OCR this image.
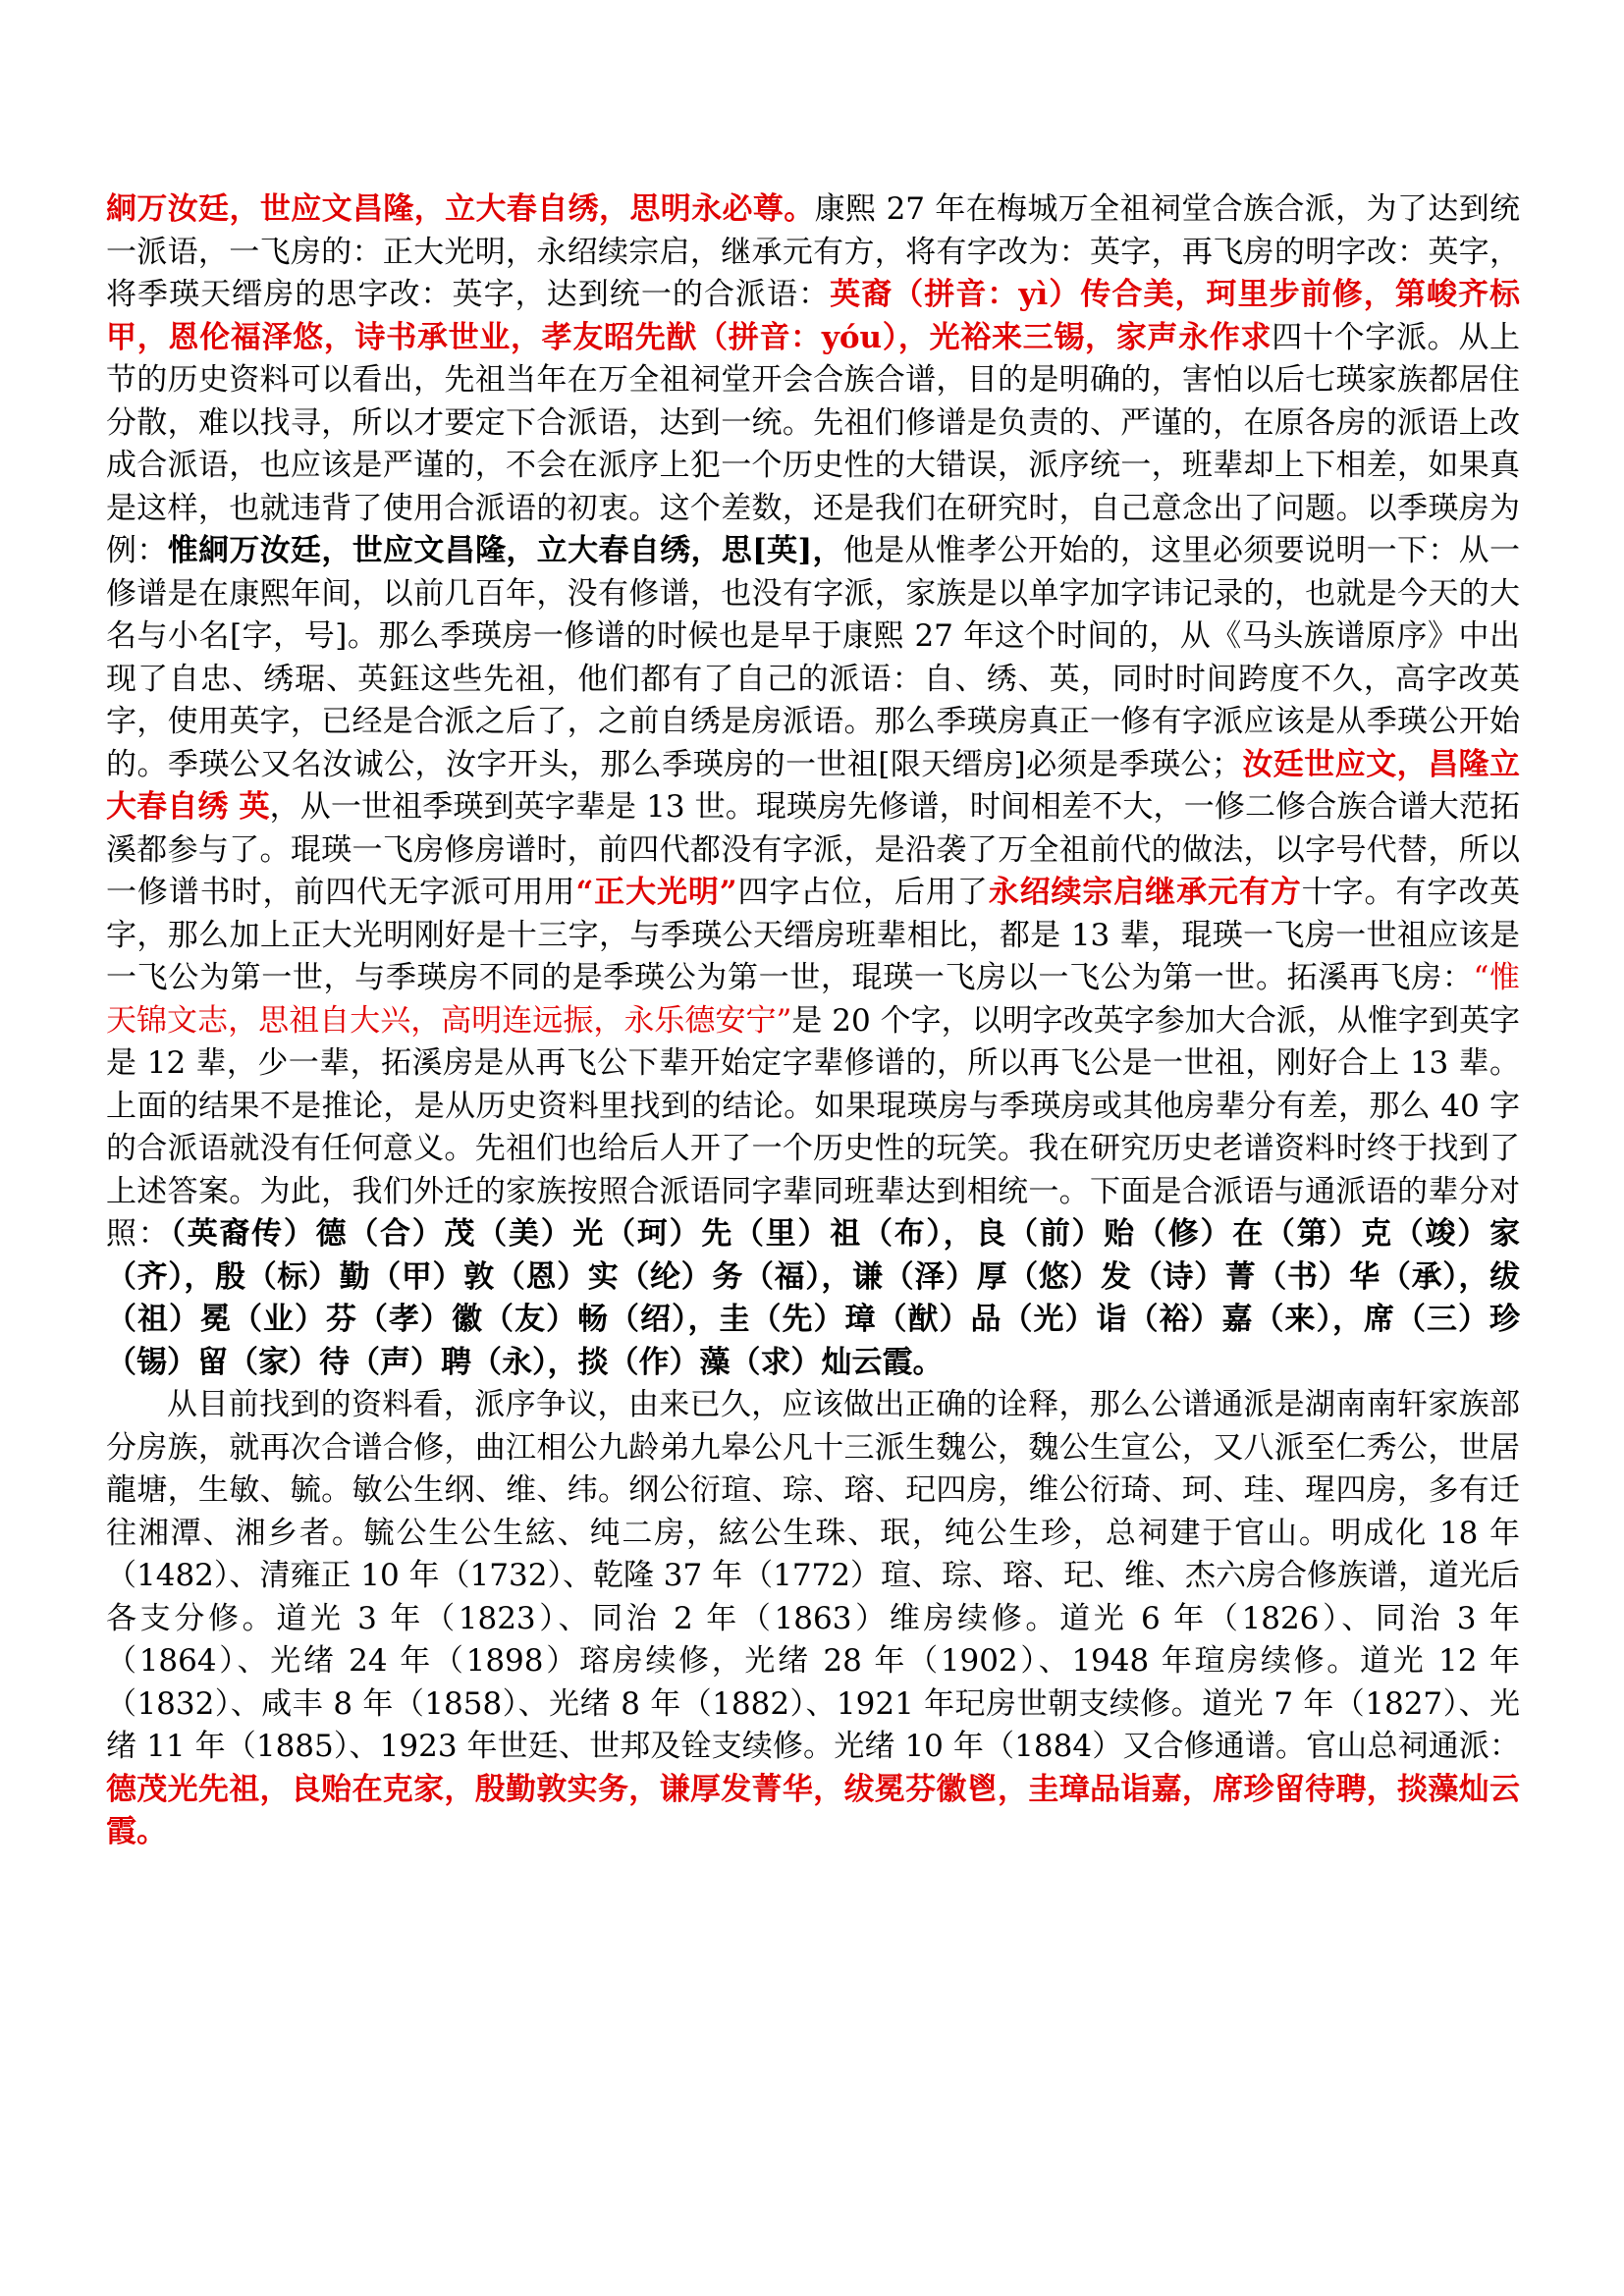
絅万汝廷，世应文昌隆，立大春自绣，思明永必尊。康熙 27 年在梅城万全祖祠堂合族合派，为了达到统一派语，一飞房的：正大光明，永绍续宗启，继承元有方，将有字改为：英字，再飞房的明字改：英字，将季瑛天缙房的思字改：英字，达到统一的合派语：英裔（拼音：yì）传合美，珂里步前修，第峻齐标甲，恩伦福泽悠，诗书承世业，孝友昭先猷（拼音：yóu），光裕来三锡，家声永作求四十个字派。从上节的历史资料可以看出，先祖当年在万全祖祠堂开会合族合谱，目的是明确的，害怕以后七瑛家族都居住分散，难以找寻，所以才要定下合派语，达到一统。先祖们修谱是负责的、严谨的，在原各房的派语上改成合派语，也应该是严谨的，不会在派序上犯一个历史性的大错误，派序统一，班辈却上下相差，如果真是这样，也就违背了使用合派语的初衷。这个差数，还是我们在研究时，自己意念出了问题。以季瑛房为例：惟絅万汝廷，世应文昌隆，立大春自绣，思[英]，他是从惟孝公开始的，这里必须要说明一下：从一修谱是在康熙年间，以前几百年，没有修谱，也没有字派，家族是以单字加字讳记录的，也就是今天的大名与小名[字，号]。那么季瑛房一修谱的时候也是早于康熙 27 年这个时间的，从《马头族谱原序》中出现了自忠、绣琚、英鈺这些先祖，他们都有了自己的派语：自、绣、英，同时时间跨度不久，高字改英字，使用英字，已经是合派之后了，之前自绣是房派语。那么季瑛房真正一修有字派应该是从季瑛公开始的。季瑛公又名汝诚公，汝字开头，那么季瑛房的一世祖[限天缙房]必须是季瑛公；汝廷世应文，昌隆立大春自绣 英，从一世祖季瑛到英字辈是 13 世。琨瑛房先修谱，时间相差不大，一修二修合族合谱大范拓溪都参与了。琨瑛一飞房修房谱时，前四代都没有字派，是沿袭了万全祖前代的做法，以字号代替，所以一修谱书时，前四代无字派可用用“正大光明”四字占位，后用了永绍续宗启继承元有方十字。有字改英字，那么加上正大光明刚好是十三字，与季瑛公天缙房班辈相比，都是 13 辈，琨瑛一飞房一世祖应该是一飞公为第一世，与季瑛房不同的是季瑛公为第一世，琨瑛一飞房以一飞公为第一世。拓溪再飞房：“惟天锦文志，思祖自大兴，高明连远振，永乐德安宁”是 20 个字，以明字改英字参加大合派，从惟字到英字是 12 辈，少一辈，拓溪房是从再飞公下辈开始定字辈修谱的，所以再飞公是一世祖，刚好合上 13 辈。上面的结果不是推论，是从历史资料里找到的结论。如果琨瑛房与季瑛房或其他房辈分有差，那么 40 字的合派语就没有任何意义。先祖们也给后人开了一个历史性的玩笑。我在研究历史老谱资料时终于找到了上述答案。为此，我们外迁的家族按照合派语同字辈同班辈达到相统一。下面是合派语与通派语的辈分对照：（英裔传）德（合）茂（美）光（珂）先（里）祖（布），良（前）贻（修）在（第）克（竣）家（齐），殷（标）勤（甲）敦（恩）实（纶）务（福），谦（泽）厚（悠）发（诗）菁（书）华（承），绂（祖）冕（业）芬（孝）徽（友）畅（绍），圭（先）璋（猷）品（光）诣（裕）嘉（来），席（三）珍（锡）留（家）待（声）聘（永），掞（作）藻（求）灿云霞。

从目前找到的资料看，派序争议，由来已久，应该做出正确的诠释，那么公谱通派是湖南南轩家族部分房族，就再次合谱合修，曲江相公九龄弟九皋公凡十三派生魏公，魏公生宣公，又八派至仁秀公，世居龍塘，生敏、毓。敏公生纲、维、纬。纲公衍瑄、琮、瑢、玘四房，维公衍琦、珂、珪、瑆四房，多有迁往湘潭、湘乡者。毓公生公生絃、纯二房，絃公生珠、珉，纯公生珍，总祠建于官山。明成化 18 年（1482）、清雍正 10 年（1732）、乾隆 37 年（1772）瑄、琮、瑢、玘、维、杰六房合修族谱，道光后各支分修。道光 3 年（1823）、同治 2 年（1863）维房续修。道光 6 年（1826）、同治 3 年（1864）、光绪 24 年（1898）瑢房续修，光绪 28 年（1902）、1948 年瑄房续修。道光 12 年（1832）、咸丰 8 年（1858）、光绪 8 年（1882）、1921 年玘房世朝支续修。道光 7 年（1827）、光绪 11 年（1885）、1923 年世廷、世邦及铨支续修。光绪 10 年（1884）又合修通谱。官山总祠通派：德茂光先祖，良贻在克家，殷勤敦实务，谦厚发菁华，绂冕芬徽鬯，圭璋品诣嘉，席珍留待聘，掞藻灿云霞。
